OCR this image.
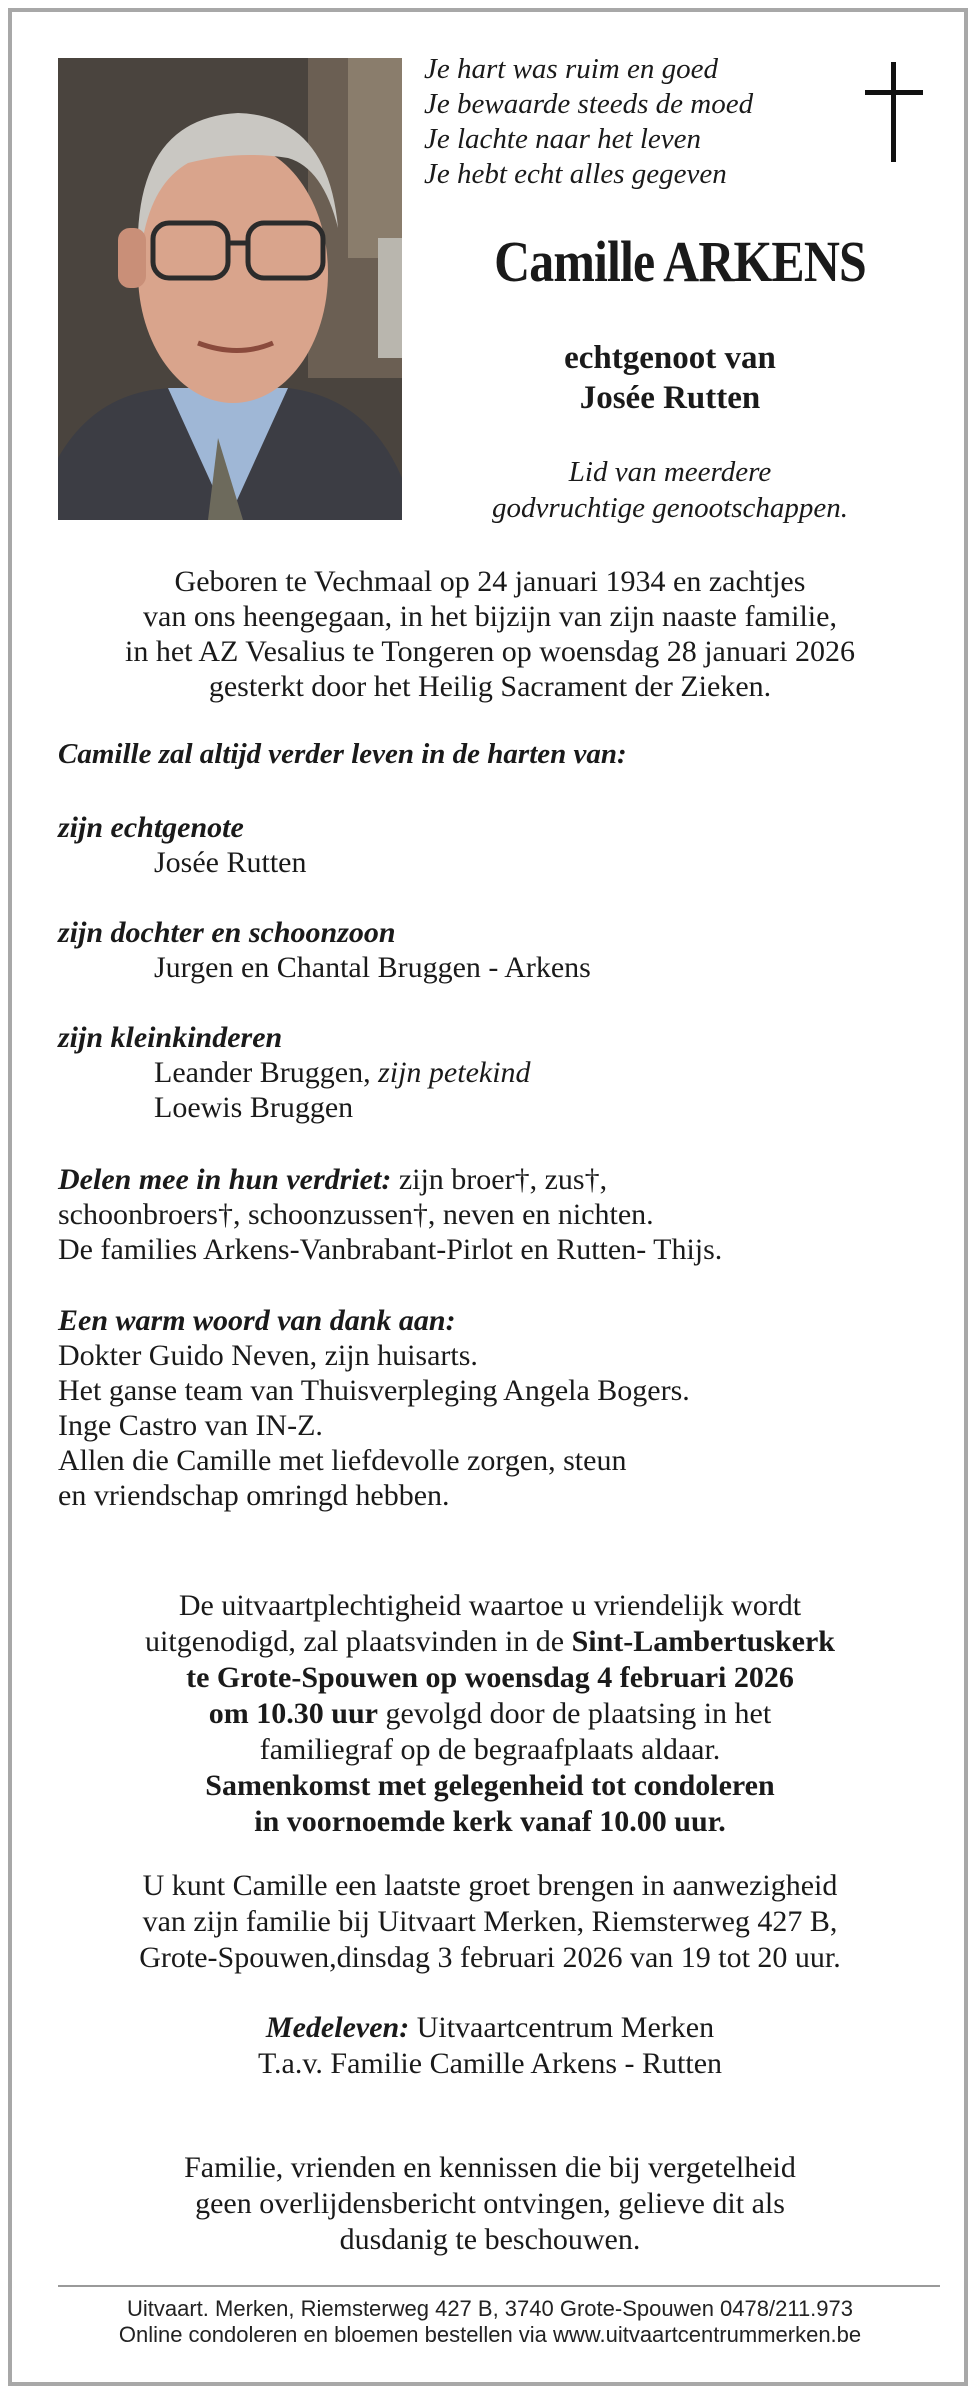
Je hart was ruim en goed
Je bewaarde steeds de moed
Je lachte naar het leven
Je hebt echt alles gegeven
Camille ARKENS
echtgenoot van
Josée Rutten
Lid van meerdere
godvruchtige genootschappen.
Geboren te Vechmaal op 24 januari 1934 en zachtjes
van ons heengegaan, in het bijzijn van zijn naaste familie,
in het AZ Vesalius te Tongeren op woensdag 28 januari 2026
gesterkt door het Heilig Sacrament der Zieken.
Camille zal altijd verder leven in de harten van:
zijn echtgenote
Josée Rutten
zijn dochter en schoonzoon
Jurgen en Chantal Bruggen - Arkens
zijn kleinkinderen
Leander Bruggen, zijn petekind
Loewis Bruggen
Delen mee in hun verdriet: zijn broer†, zus†,
schoonbroers†, schoonzussen†, neven en nichten.
De families Arkens-Vanbrabant-Pirlot en Rutten- Thijs.
Een warm woord van dank aan:
Dokter Guido Neven, zijn huisarts.
Het ganse team van Thuisverpleging Angela Bogers.
Inge Castro van IN-Z.
Allen die Camille met liefdevolle zorgen, steun
en vriendschap omringd hebben.
De uitvaartplechtigheid waartoe u vriendelijk wordt
uitgenodigd, zal plaatsvinden in de Sint-Lambertuskerk
te Grote-Spouwen op woensdag 4 februari 2026
om 10.30 uur gevolgd door de plaatsing in het
familiegraf op de begraafplaats aldaar.
Samenkomst met gelegenheid tot condoleren
in voornoemde kerk vanaf 10.00 uur.
U kunt Camille een laatste groet brengen in aanwezigheid
van zijn familie bij Uitvaart Merken, Riemsterweg 427 B,
Grote-Spouwen,dinsdag 3 februari 2026 van 19 tot 20 uur.
Medeleven: Uitvaartcentrum Merken
T.a.v. Familie Camille Arkens - Rutten
Familie, vrienden en kennissen die bij vergetelheid
geen overlijdensbericht ontvingen, gelieve dit als
dusdanig te beschouwen.
Uitvaart. Merken, Riemsterweg 427 B, 3740 Grote-Spouwen 0478/211.973
Online condoleren en bloemen bestellen via www.uitvaartcentrummerken.be
